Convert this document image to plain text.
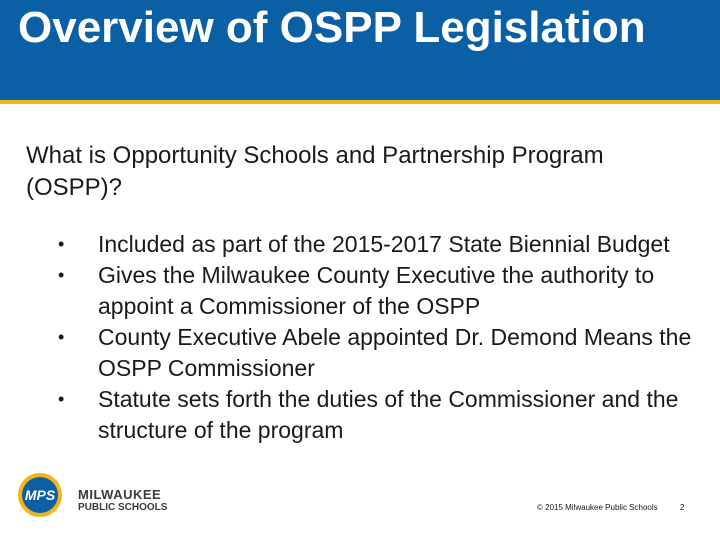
Overview of OSPP Legislation
What is Opportunity Schools and Partnership Program (OSPP)?
• Included as part of the 2015-2017 State Biennial Budget
• Gives the Milwaukee County Executive the authority to appoint a Commissioner of the OSPP
• County Executive Abele appointed Dr. Demond Means the OSPP Commissioner
• Statute sets forth the duties of the Commissioner and the structure of the program
MPS MILWAUKEE
PUBLIC SCHOOLS	© 2015 Milwaukee Public Schools	2
